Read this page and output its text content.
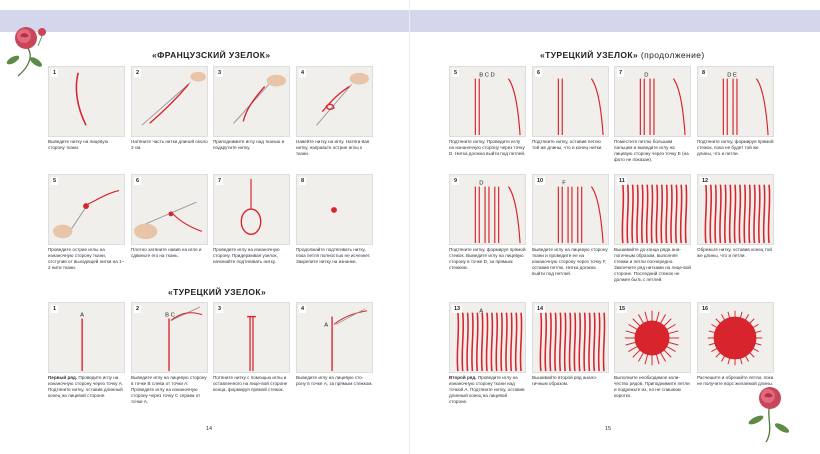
«ФРАНЦУЗСКИЙ УЗЕЛОК»
1
Выведите нитку на лицевую сторону ткани.
2
Натяните часть нитки длиной около 3 см.
3
Приподнимите иглу над тканью и подкрутите нитку.
4
Навейте нитку на иглу. Натяги-вая нитку, направьте острие иглы к ткани.
5
Проведите острие иглы на изнаночную сторону ткани, отступив от выходящей нитки на 1–2 нити ткани.
6
Плотно затяните навив на игле и сдвиньте его на ткань.
7
Проведите иглу на изнаночную сторону. Придерживая узелок, начинайте подтягивать нитку.
8
Продолжайте подтягивать нитку, пока петля полностью не исчезнет. Закрепите нитку на изнанке.
«ТУРЕЦКИЙ УЗЕЛОК»
1
A
Первый ряд. Проведите иглу на изнаночную сторону через точку А. Подтяните нитку, оставив длинный конец на лицевой стороне.
2
B C
Выведите иглу на лицевую сторону в точке В слева от точки А. Проведите иглу на изнаночную сторону через точку С справа от точки А.
3
Потяните нитку с помощью иглы и оставленного на лице-вой стороне конца, формируя прямой стежок.
4
A
Выведите иглу на лицевую сто-рону в точке А, за прямым стежком.
14
«ТУРЕЦКИЙ УЗЕЛОК» (продолжение)
5	B C D
Подтяните нитку. Проведите иглу на изнаночную сторону через точку D. Нитка должна выйти под петлей.
6
Подтяните нитку, оставив петлю той же длины, что и конец нитки.
7	D
Поместите петлю большим пальцем и выведите иглу на лицевую сторону через точку Е (на фото не показан).
8	D E
Подтяните нитку, формируя прямой стежок, пока не будет той же длины, что и петли.
9	D
Подтяните нитку, формируя прямой стежок. Выведите иглу на лицевую сторону в точке D, за прямым стежком.
10	F
Выведите иглу на лицевую сторону ткани и проведите ее на изнаночную сторону через точку F, оставив петлю. Нитка должна выйти под петлей.
11
Вышивайте до конца ряда ана-логичным образом, выполняя стежки и петли поочередно. Закончите ряд нитками на лице-вой стороне. Последний стежок не должен быть с петлей.
12
Обрежьте нитку, оставив конец той же длины, что и петли.
13	A
Второй ряд. Проведите иглу на изнаночную сторону ткани над точкой А. Подтяните нитку, оставив длинный конец на лицевой стороне.
14
Вышивайте второй ряд анало-гичным образом.
15
Выполните необходимое коли-чество рядов. Приподнимите петли и подрежьте их, но не слишком коротко.
16
Расчешите и обрезайте петли, пока не получите ворс желаемой длины.
15
